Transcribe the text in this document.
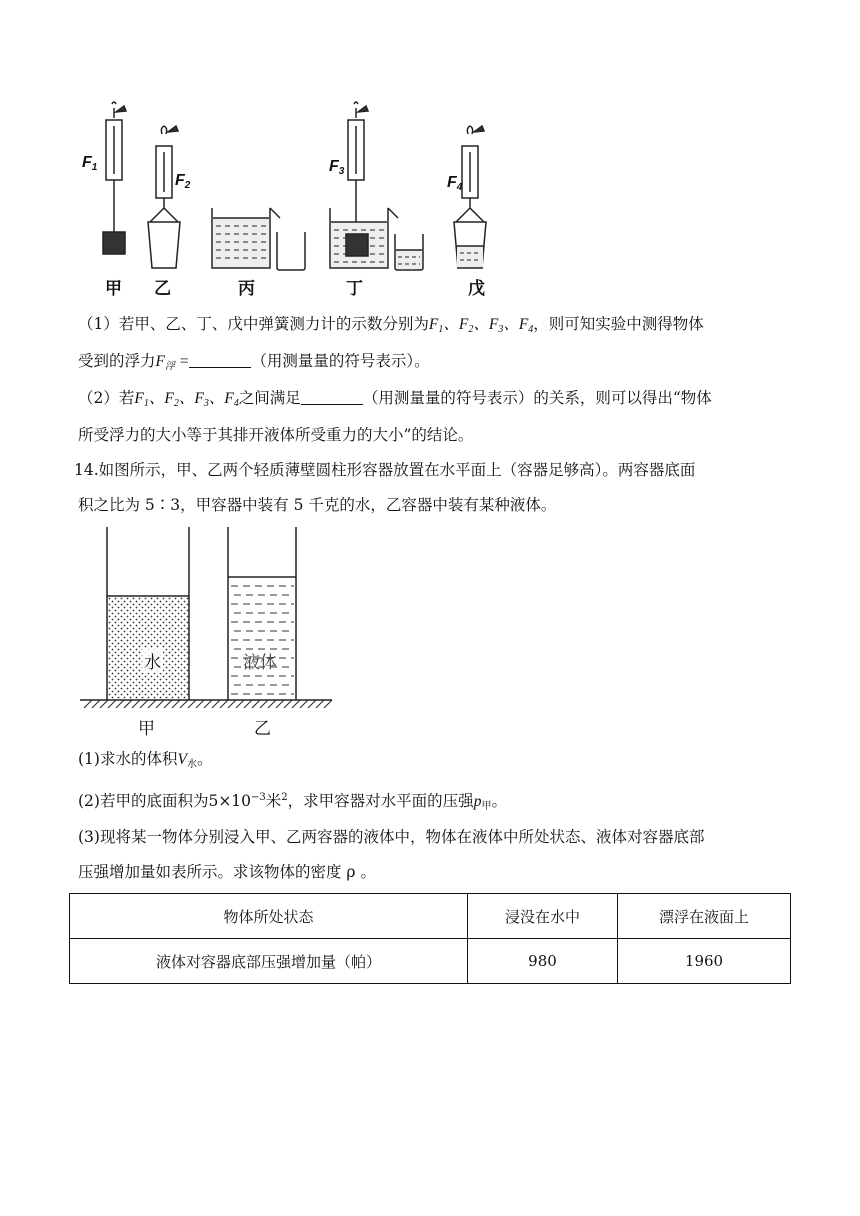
$F_1$
$F_2$
$F_3$
$F_4$
甲 乙	丙	丁	戊
（1）若甲、乙、丁、戊中弹簧测力计的示数分别为$F_1$、$F_2$、$F_3$、$F_4$，则可知实验中测得物体
受到的浮力$F_浮$ =	（用测量量的符号表示）。
（2）若$F_1$、$F_2$、$F_3$、$F_4$之间满足	（用测量量的符号表示）的关系，则可以得出“物体
所受浮力的大小等于其排开液体所受重力的大小”的结论。
14.如图所示，甲、乙两个轻质薄壁圆柱形容器放置在水平面上（容器足够高）。两容器底面
积之比为 5∶3，甲容器中装有 5 千克的水，乙容器中装有某种液体。
水	液体
甲	乙
(1)求水的体积$V_水$。
(2)若甲的底面积为$5\times 10^{-3}$米$^2$，求甲容器对水平面的压强$p_甲$。
(3)现将某一物体分别浸入甲、乙两容器的液体中，物体在液体中所处状态、液体对容器底部
压强增加量如表所示。求该物体的密度 ρ 。
物体所处状态	浸没在水中	漂浮在液面上
液体对容器底部压强增加量（帕）	980	1960
